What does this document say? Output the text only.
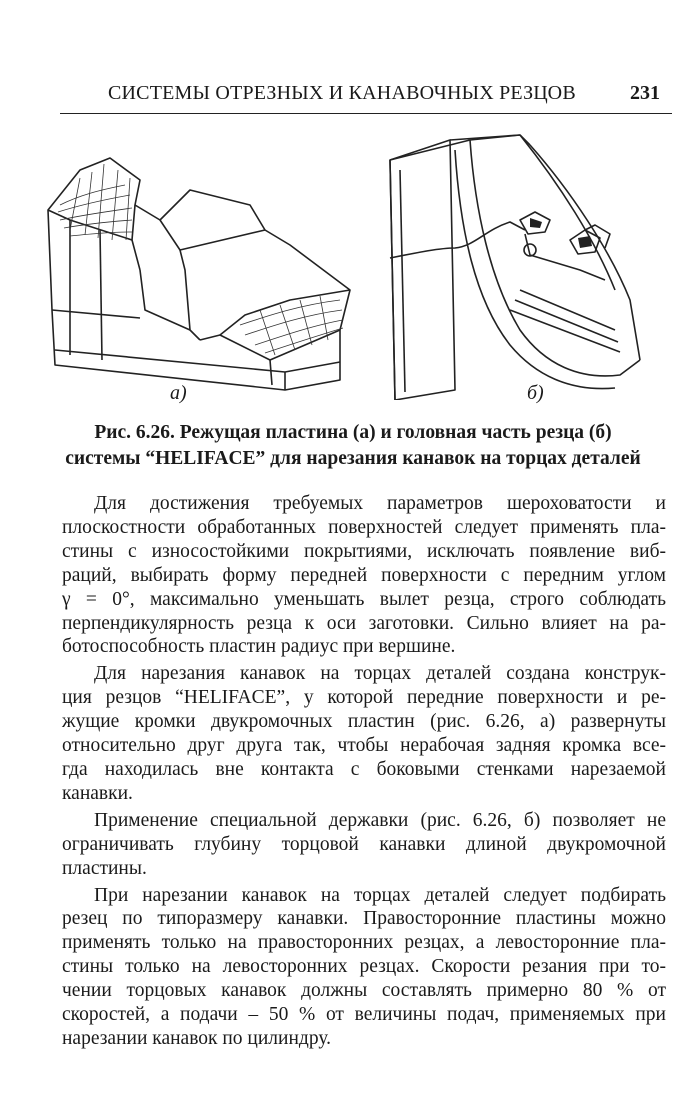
СИСТЕМЫ ОТРЕЗНЫХ И КАНАВОЧНЫХ РЕЗЦОВ	231
а)	б)
Рис. 6.26. Режущая пластина (а) и головная часть резца (б)
системы “HELIFACE” для нарезания канавок на торцах деталей
Для достижения требуемых параметров шероховатости и
плоскостности обработанных поверхностей следует применять пла-
стины с износостойкими покрытиями, исключать появление виб-
раций, выбирать форму передней поверхности с передним углом
γ = 0°, максимально уменьшать вылет резца, строго соблюдать
перпендикулярность резца к оси заготовки. Сильно влияет на ра-
ботоспособность пластин радиус при вершине.
Для нарезания канавок на торцах деталей создана конструк-
ция резцов “HELIFACE”, у которой передние поверхности и ре-
жущие кромки двукромочных пластин (рис. 6.26, а) развернуты
относительно друг друга так, чтобы нерабочая задняя кромка все-
гда находилась вне контакта с боковыми стенками нарезаемой
канавки.
Применение специальной державки (рис. 6.26, б) позволяет не
ограничивать глубину торцовой канавки длиной двукромочной
пластины.
При нарезании канавок на торцах деталей следует подбирать
резец по типоразмеру канавки. Правосторонние пластины можно
применять только на правосторонних резцах, а левосторонние пла-
стины только на левосторонних резцах. Скорости резания при то-
чении торцовых канавок должны составлять примерно 80 % от
скоростей, а подачи – 50 % от величины подач, применяемых при
нарезании канавок по цилиндру.
